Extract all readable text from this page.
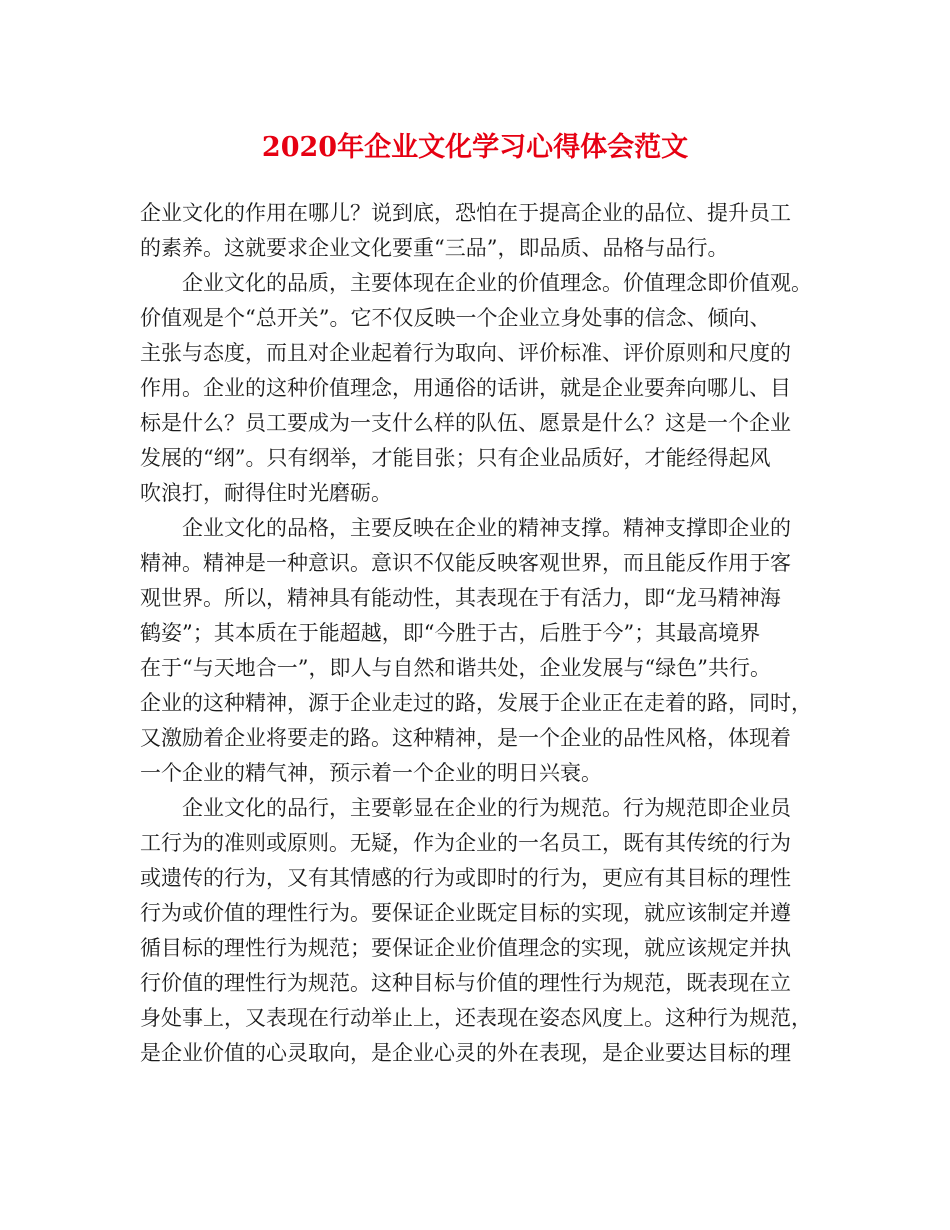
2020年企业文化学习心得体会范文

企业文化的作用在哪儿？说到底，恐怕在于提高企业的品位、提升员工
的素养。这就要求企业文化要重“三品”，即品质、品格与品行。

企业文化的品质，主要体现在企业的价值理念。价值理念即价值观。
价值观是个“总开关”。它不仅反映一个企业立身处事的信念、倾向、
主张与态度，而且对企业起着行为取向、评价标准、评价原则和尺度的
作用。企业的这种价值理念，用通俗的话讲，就是企业要奔向哪儿、目
标是什么？员工要成为一支什么样的队伍、愿景是什么？这是一个企业
发展的“纲”。只有纲举，才能目张；只有企业品质好，才能经得起风
吹浪打，耐得住时光磨砺。

企业文化的品格，主要反映在企业的精神支撑。精神支撑即企业的
精神。精神是一种意识。意识不仅能反映客观世界，而且能反作用于客
观世界。所以，精神具有能动性，其表现在于有活力，即“龙马精神海
鹤姿”；其本质在于能超越，即“今胜于古，后胜于今”；其最高境界
在于“与天地合一”，即人与自然和谐共处，企业发展与“绿色”共行。
企业的这种精神，源于企业走过的路，发展于企业正在走着的路，同时，
又激励着企业将要走的路。这种精神，是一个企业的品性风格，体现着
一个企业的精气神，预示着一个企业的明日兴衰。

企业文化的品行，主要彰显在企业的行为规范。行为规范即企业员
工行为的准则或原则。无疑，作为企业的一名员工，既有其传统的行为
或遗传的行为，又有其情感的行为或即时的行为，更应有其目标的理性
行为或价值的理性行为。要保证企业既定目标的实现，就应该制定并遵
循目标的理性行为规范；要保证企业价值理念的实现，就应该规定并执
行价值的理性行为规范。这种目标与价值的理性行为规范，既表现在立
身处事上，又表现在行动举止上，还表现在姿态风度上。这种行为规范，
是企业价值的心灵取向，是企业心灵的外在表现，是企业要达目标的理
